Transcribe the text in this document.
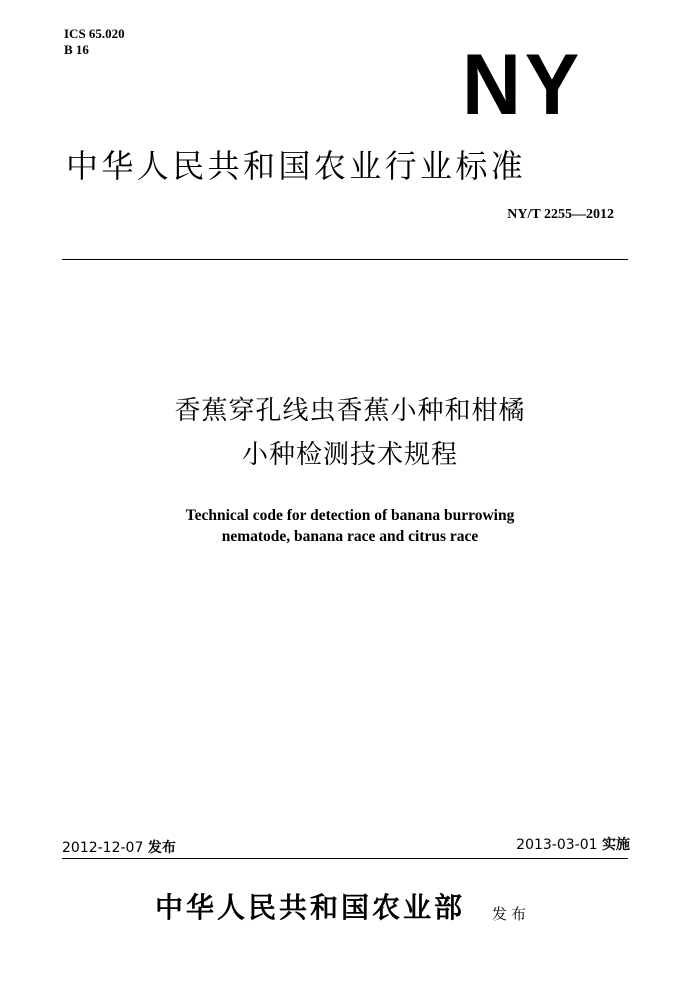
ICS 65.020
B 16	NY
中华人民共和国农业行业标准
NY/T 2255—2012
香蕉穿孔线虫香蕉小种和柑橘
小种检测技术规程
Technical code for detection of banana burrowing
nematode, banana race and citrus race
2012-12-07 发布	2013-03-01 实施
中华人民共和国农业部 发布
